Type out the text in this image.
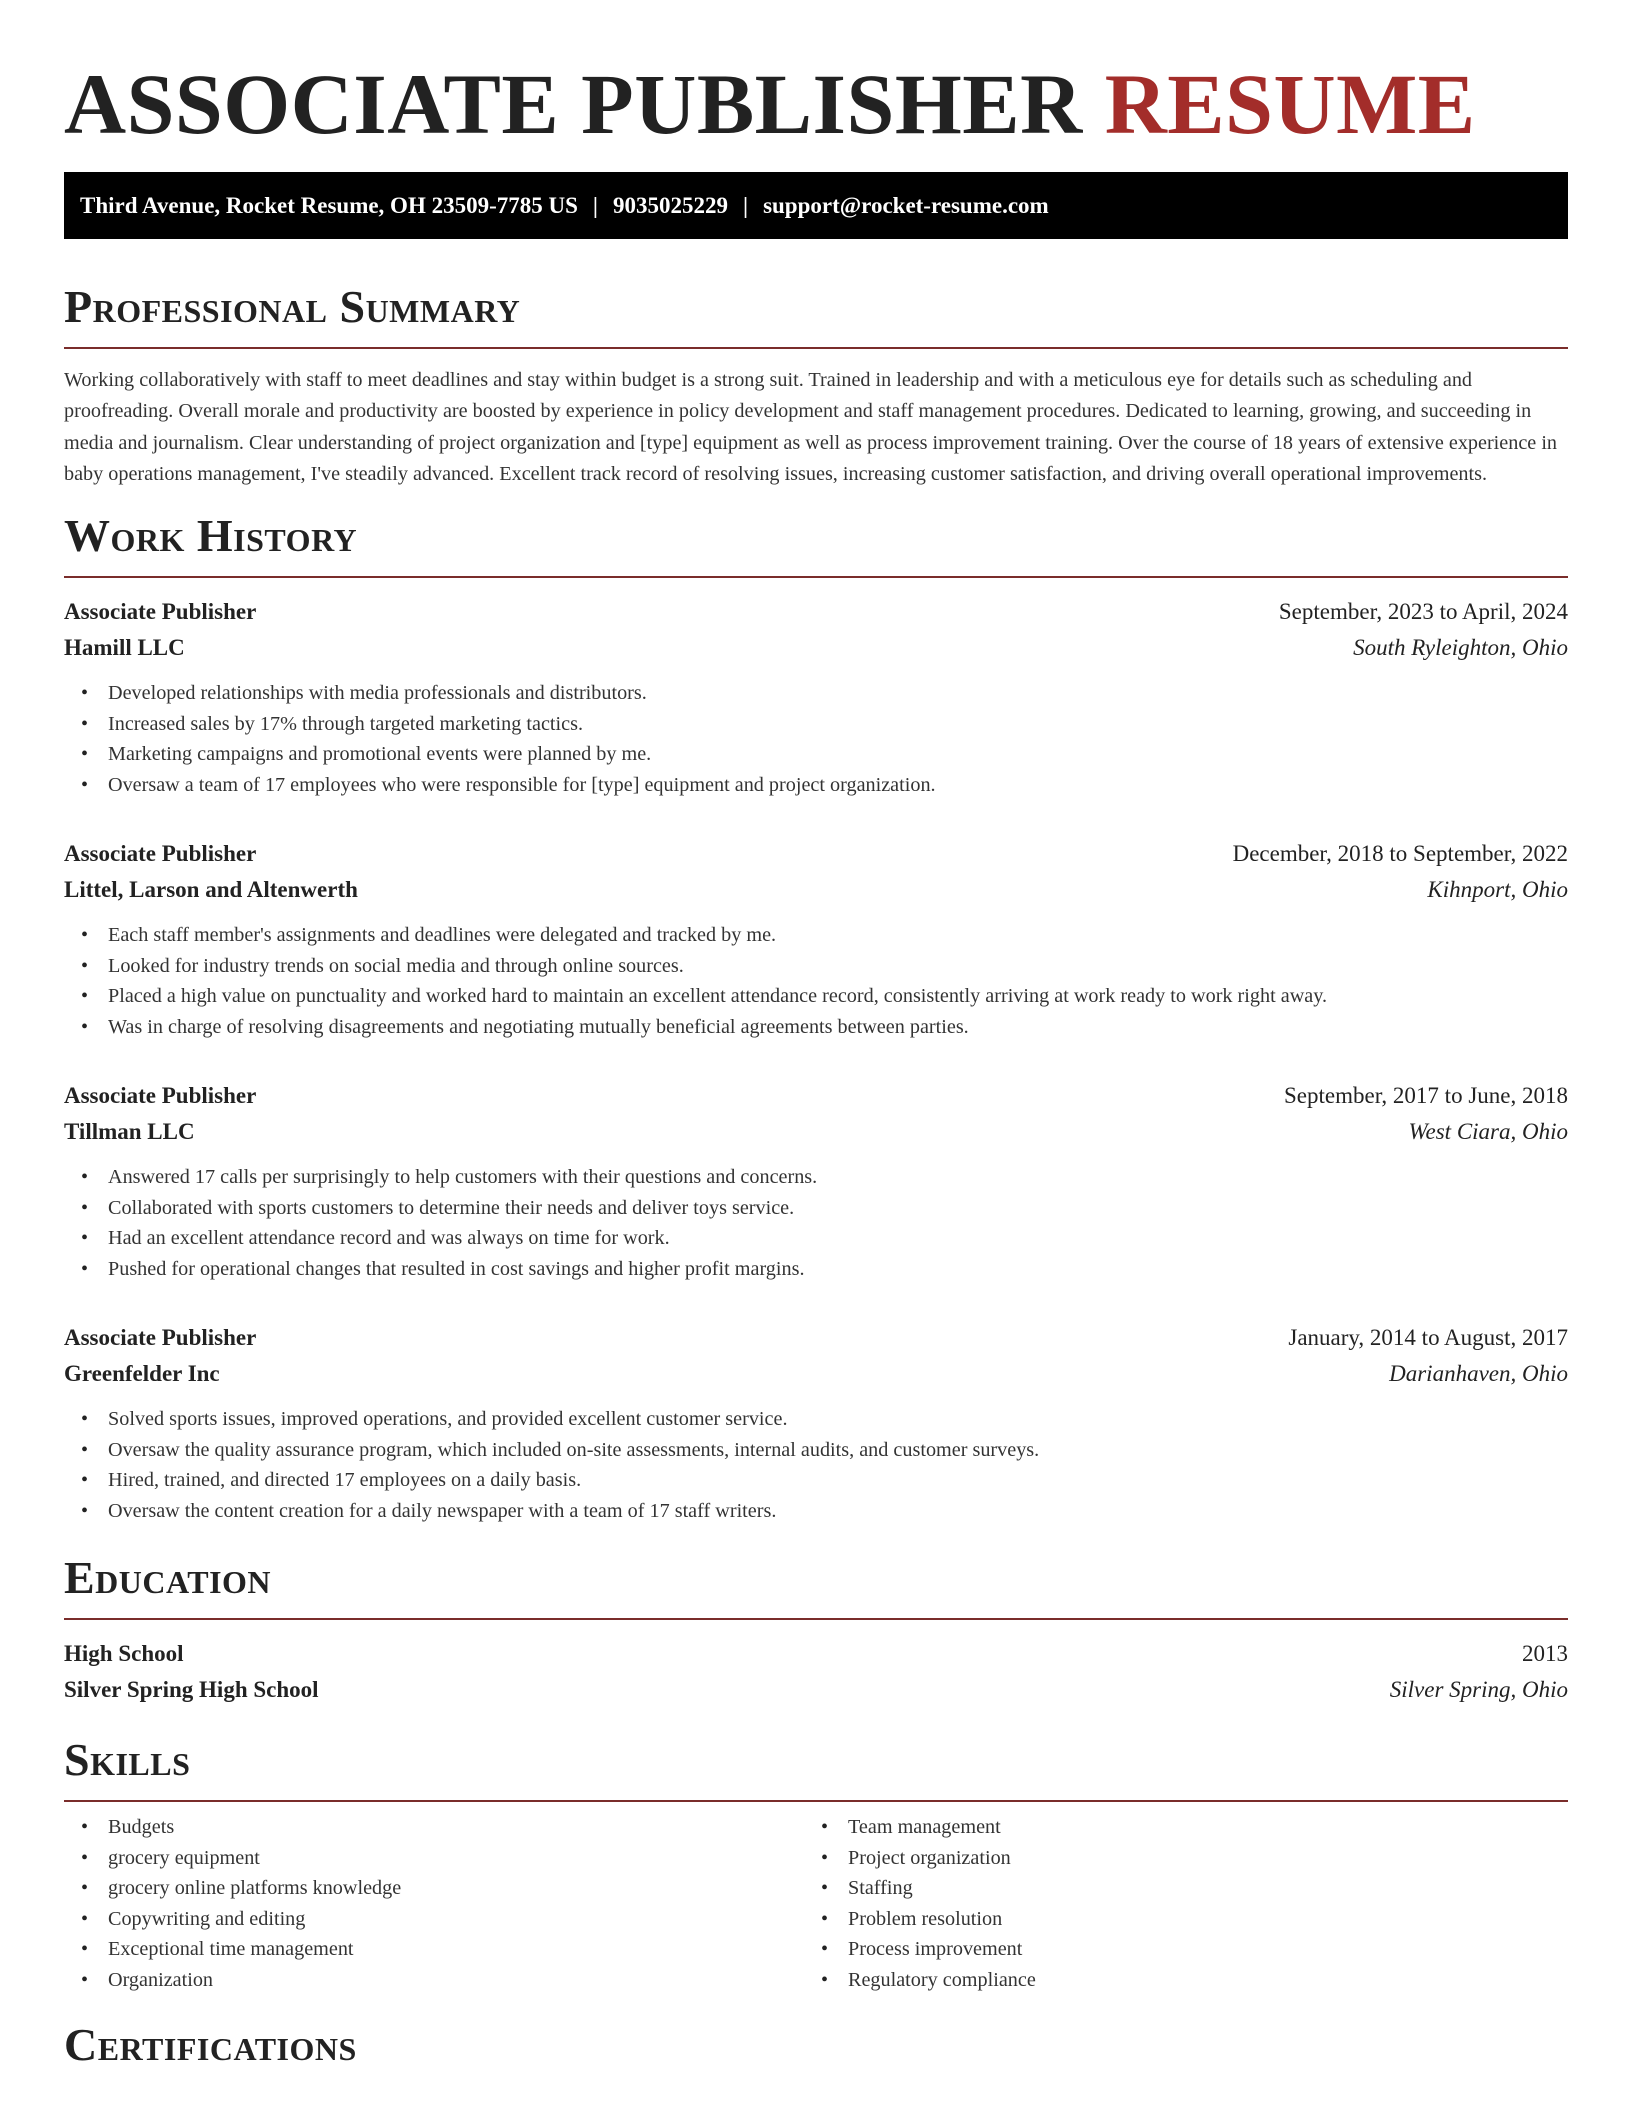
ASSOCIATE PUBLISHER RESUME
Third Avenue, Rocket Resume, OH 23509-7785 US | 9035025229 | support@rocket-resume.com
Professional Summary

Working collaboratively with staff to meet deadlines and stay within budget is a strong suit. Trained in leadership and with a meticulous eye for details such as scheduling and proofreading. Overall morale and productivity are boosted by experience in policy development and staff management procedures. Dedicated to learning, growing, and succeeding in media and journalism. Clear understanding of project organization and [type] equipment as well as process improvement training. Over the course of 18 years of extensive experience in baby operations management, I've steadily advanced. Excellent track record of resolving issues, increasing customer satisfaction, and driving overall operational improvements.

Work History
Associate Publisher	September, 2023 to April, 2024
Hamill LLC	South Ryleighton, Ohio
• Developed relationships with media professionals and distributors.
• Increased sales by 17% through targeted marketing tactics.
• Marketing campaigns and promotional events were planned by me.
• Oversaw a team of 17 employees who were responsible for [type] equipment and project organization.
Associate Publisher	December, 2018 to September, 2022
Littel, Larson and Altenwerth	Kihnport, Ohio
• Each staff member's assignments and deadlines were delegated and tracked by me.
• Looked for industry trends on social media and through online sources.
• Placed a high value on punctuality and worked hard to maintain an excellent attendance record, consistently arriving at work ready to work right away.
• Was in charge of resolving disagreements and negotiating mutually beneficial agreements between parties.
Associate Publisher	September, 2017 to June, 2018
Tillman LLC	West Ciara, Ohio
• Answered 17 calls per surprisingly to help customers with their questions and concerns.
• Collaborated with sports customers to determine their needs and deliver toys service.
• Had an excellent attendance record and was always on time for work.
• Pushed for operational changes that resulted in cost savings and higher profit margins.
Associate Publisher	January, 2014 to August, 2017
Greenfelder Inc	Darianhaven, Ohio
• Solved sports issues, improved operations, and provided excellent customer service.
• Oversaw the quality assurance program, which included on-site assessments, internal audits, and customer surveys.
• Hired, trained, and directed 17 employees on a daily basis.
• Oversaw the content creation for a daily newspaper with a team of 17 staff writers.
Education
High School	2013
Silver Spring High School	Silver Spring, Ohio
Skills
• Budgets
• grocery equipment
• grocery online platforms knowledge
• Copywriting and editing
• Exceptional time management
• Organization
• Team management
• Project organization
• Staffing
• Problem resolution
• Process improvement
• Regulatory compliance
Certifications
